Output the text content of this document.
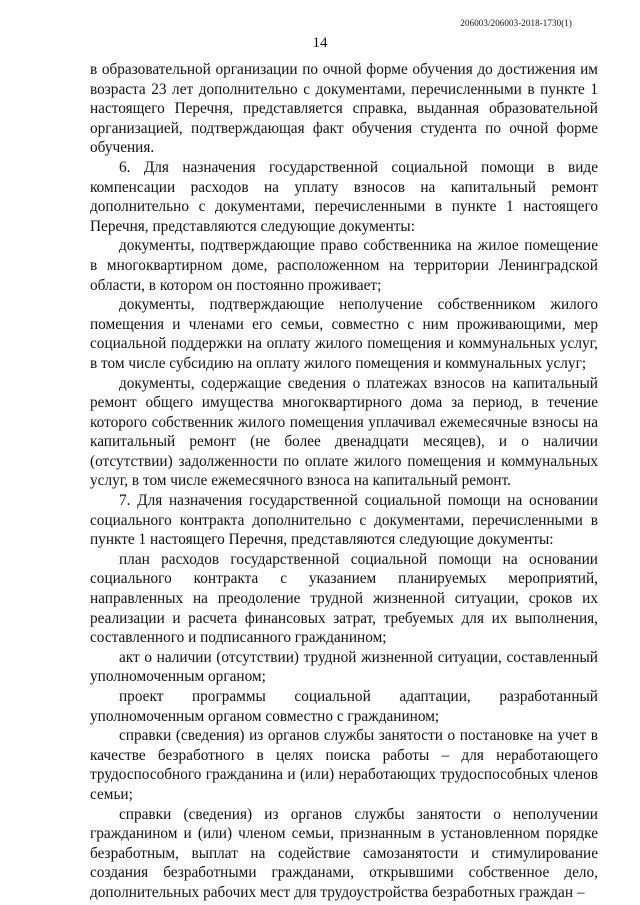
206003/206003-2018-1730(1)
14

в образовательной организации по очной форме обучения до достижения им возраста 23 лет дополнительно с документами, перечисленными в пункте 1 настоящего Перечня, представляется справка, выданная образовательной организацией, подтверждающая факт обучения студента по очной форме обучения.

6. Для назначения государственной социальной помощи в виде компенсации расходов на уплату взносов на капитальный ремонт дополнительно с документами, перечисленными в пункте 1 настоящего Перечня, представляются следующие документы:

документы, подтверждающие право собственника на жилое помещение в многоквартирном доме, расположенном на территории Ленинградской области, в котором он постоянно проживает;

документы, подтверждающие неполучение собственником жилого помещения и членами его семьи, совместно с ним проживающими, мер социальной поддержки на оплату жилого помещения и коммунальных услуг, в том числе субсидию на оплату жилого помещения и коммунальных услуг;

документы, содержащие сведения о платежах взносов на капитальный ремонт общего имущества многоквартирного дома за период, в течение которого собственник жилого помещения уплачивал ежемесячные взносы на капитальный ремонт (не более двенадцати месяцев), и о наличии (отсутствии) задолженности по оплате жилого помещения и коммунальных услуг, в том числе ежемесячного взноса на капитальный ремонт.

7. Для назначения государственной социальной помощи на основании социального контракта дополнительно с документами, перечисленными в пункте 1 настоящего Перечня, представляются следующие документы:

план расходов государственной социальной помощи на основании социального контракта с указанием планируемых мероприятий, направленных на преодоление трудной жизненной ситуации, сроков их реализации и расчета финансовых затрат, требуемых для их выполнения, составленного и подписанного гражданином;

акт о наличии (отсутствии) трудной жизненной ситуации, составленный уполномоченным органом;

проект программы социальной адаптации, разработанный уполномоченным органом совместно с гражданином;

справки (сведения) из органов службы занятости о постановке на учет в качестве безработного в целях поиска работы – для неработающего трудоспособного гражданина и (или) неработающих трудоспособных членов семьи;

справки (сведения) из органов службы занятости о неполучении гражданином и (или) членом семьи, признанным в установленном порядке безработным, выплат на содействие самозанятости и стимулирование создания безработными гражданами, открывшими собственное дело, дополнительных рабочих мест для трудоустройства безработных граждан –
